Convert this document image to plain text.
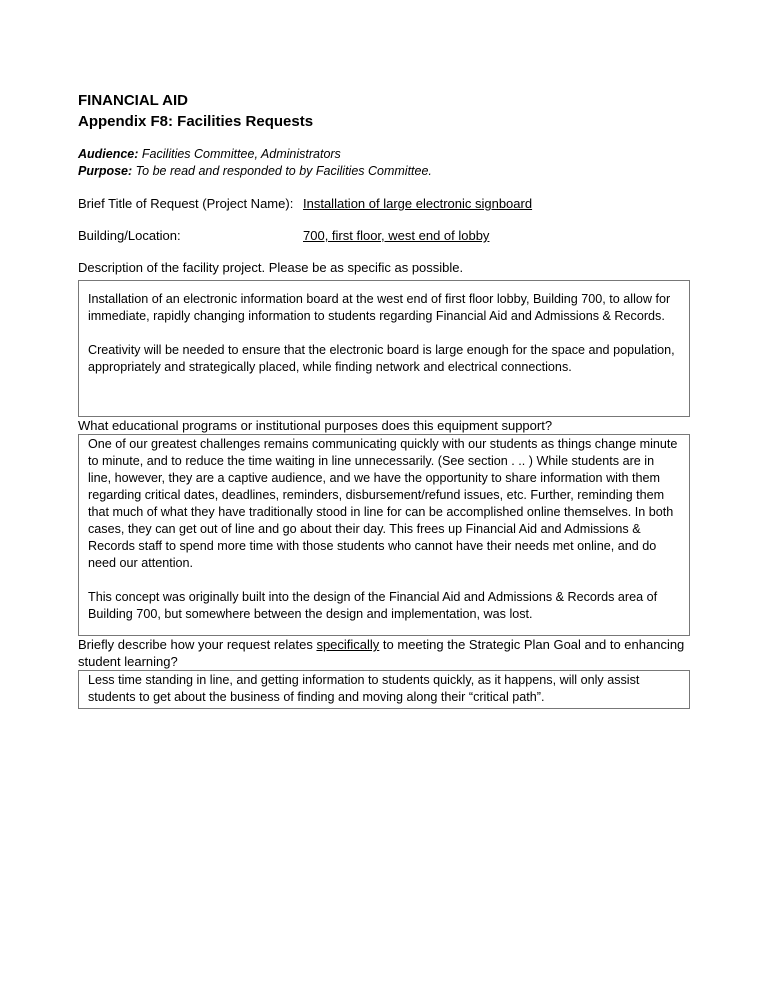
FINANCIAL AID
Appendix F8: Facilities Requests
Audience: Facilities Committee, Administrators
Purpose: To be read and responded to by Facilities Committee.
Brief Title of Request (Project Name): Installation of large electronic signboard
Building/Location:	700, first floor, west end of lobby
Description of the facility project. Please be as specific as possible.

Installation of an electronic information board at the west end of first floor lobby, Building 700, to allow for immediate, rapidly changing information to students regarding Financial Aid and Admissions & Records.

Creativity will be needed to ensure that the electronic board is large enough for the space and population, appropriately and strategically placed, while finding network and electrical connections.

What educational programs or institutional purposes does this equipment support?

One of our greatest challenges remains communicating quickly with our students as things change minute to minute, and to reduce the time waiting in line unnecessarily. (See section . .. ) While students are in line, however, they are a captive audience, and we have the opportunity to share information with them regarding critical dates, deadlines, reminders, disbursement/refund issues, etc. Further, reminding them that much of what they have traditionally stood in line for can be accomplished online themselves. In both cases, they can get out of line and go about their day. This frees up Financial Aid and Admissions & Records staff to spend more time with those students who cannot have their needs met online, and do need our attention.

This concept was originally built into the design of the Financial Aid and Admissions & Records area of Building 700, but somewhere between the design and implementation, was lost.

Briefly describe how your request relates specifically to meeting the Strategic Plan Goal and to enhancing student learning?

Less time standing in line, and getting information to students quickly, as it happens, will only assist students to get about the business of finding and moving along their “critical path”.
